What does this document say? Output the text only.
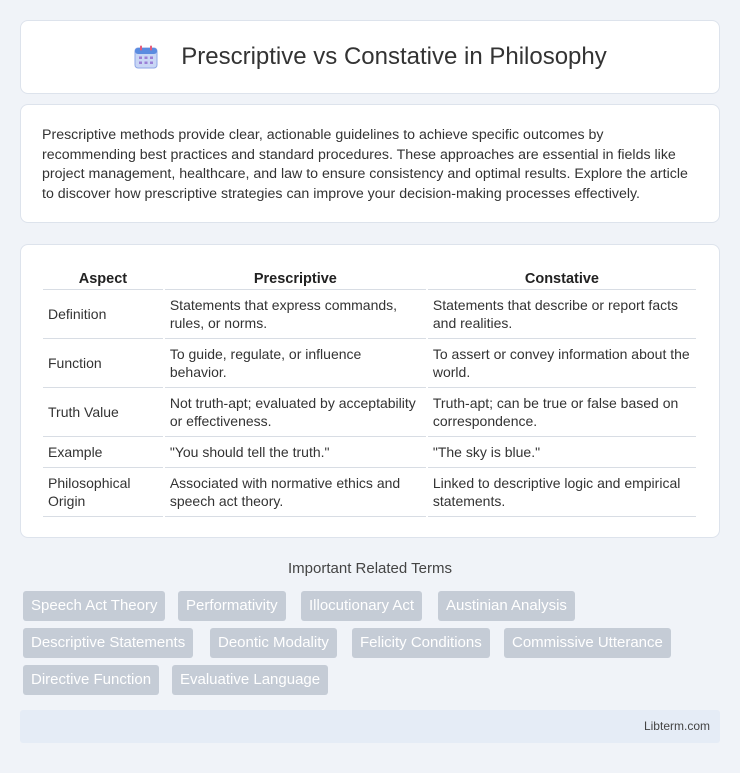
Prescriptive vs Constative in Philosophy

Prescriptive methods provide clear, actionable guidelines to achieve specific outcomes by recommending best practices and standard procedures. These approaches are essential in fields like project management, healthcare, and law to ensure consistency and optimal results. Explore the article to discover how prescriptive strategies can improve your decision-making processes effectively.

Aspect	Prescriptive	Constative
Definition	Statements that express commands, rules, or norms.	Statements that describe or report facts and realities.
Function	To guide, regulate, or influence behavior.	To assert or convey information about the world.
Truth Value	Not truth-apt; evaluated by acceptability or effectiveness.	Truth-apt; can be true or false based on correspondence.
Example	"You should tell the truth."	"The sky is blue."
Philosophical Origin	Associated with normative ethics and speech act theory.	Linked to descriptive logic and empirical statements.
Important Related Terms
Speech Act Theory	Performativity	Illocutionary Act	Austinian Analysis
Descriptive Statements	Deontic Modality	Felicity Conditions	Commissive Utterance
Directive Function	Evaluative Language
Libterm.com
